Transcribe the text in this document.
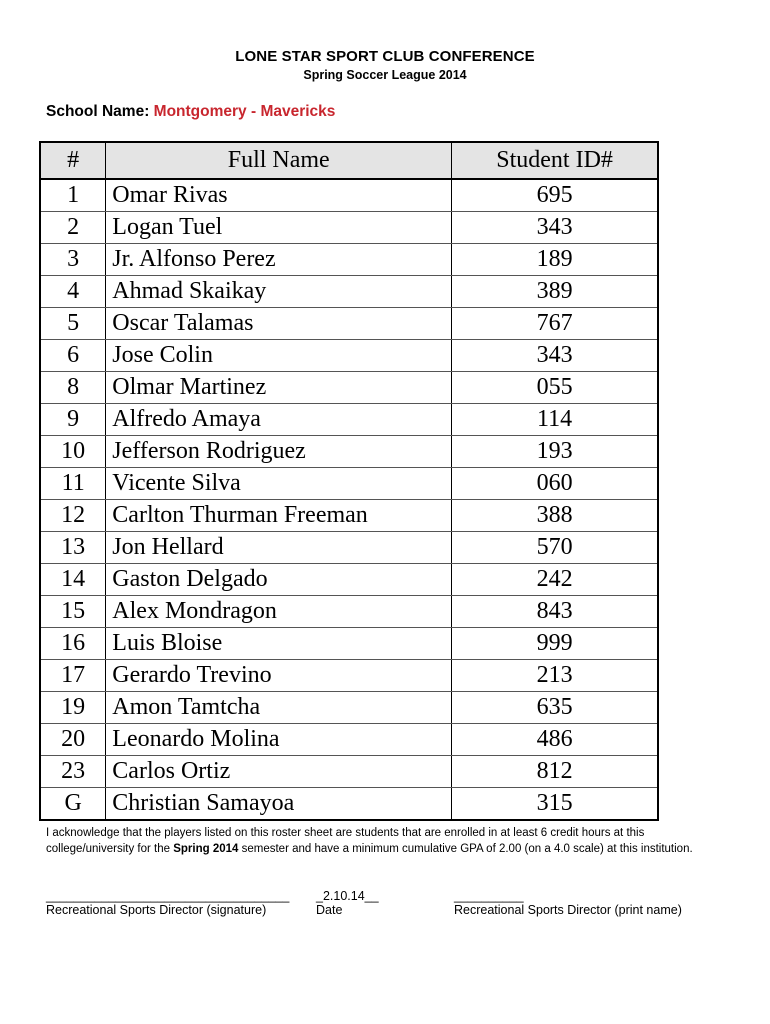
LONE STAR SPORT CLUB CONFERENCE
Spring Soccer League 2014
School Name: Montgomery - Mavericks
#	Full Name	Student ID#
1	Omar Rivas	695
2	Logan Tuel	343
3	Jr. Alfonso Perez	189
4	Ahmad Skaikay	389
5	Oscar Talamas	767
6	Jose Colin	343
8	Olmar Martinez	055
9	Alfredo Amaya	114
10	Jefferson Rodriguez	193
11	Vicente Silva	060
12	Carlton Thurman Freeman	388
13	Jon Hellard	570
14	Gaston Delgado	242
15	Alex Mondragon	843
16	Luis Bloise	999
17	Gerardo Trevino	213
19	Amon Tamtcha	635
20	Leonardo Molina	486
23	Carlos Ortiz	812
G	Christian Samayoa	315
I acknowledge that the players listed on this roster sheet are students that are enrolled in at least 6 credit hours at this college/university for the Spring 2014 semester and have a minimum cumulative GPA of 2.00 (on a 4.0 scale) at this institution.
___________________________________
Recreational Sports Director (signature)
_2.10.14__
Date
__________
Recreational Sports Director (print name)
